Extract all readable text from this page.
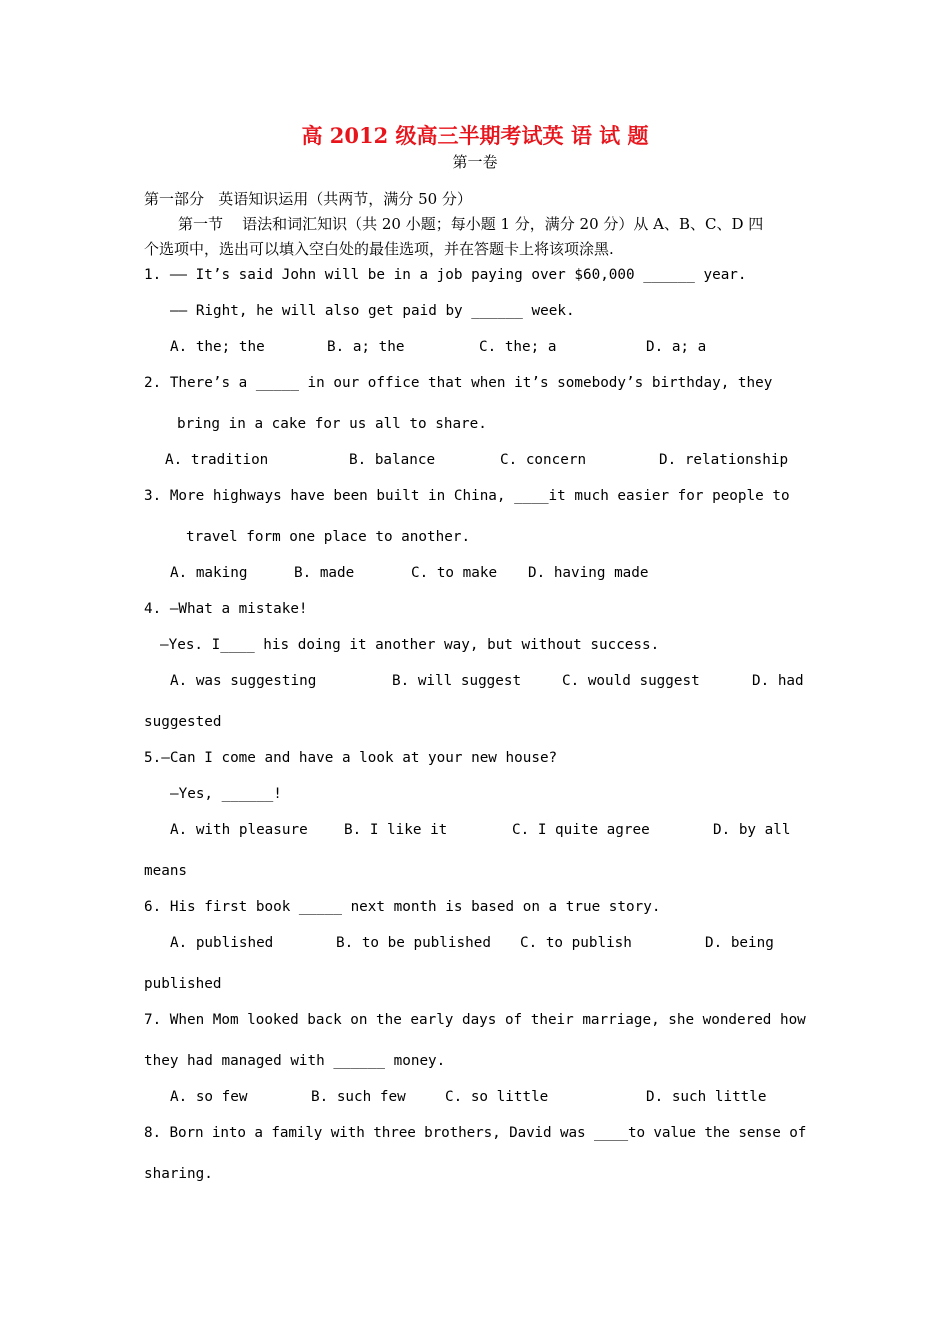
高 2012 级高三半期考试英 语 试 题
第一卷
第一部分   英语知识运用（共两节，满分 50 分）
第一节    语法和词汇知识（共 20 小题；每小题 1 分，满分 20 分）从 A、B、C、D 四
个选项中，选出可以填入空白处的最佳选项，并在答题卡上将该项涂黑.
1. —— It’s said John will be in a job paying over $60,000 ______ year.
—— Right, he will also get paid by ______ week.
A. the; the	B. a; the	C. the; a	D. a; a
2. There’s a _____ in our office that when it’s somebody’s birthday, they
bring in a cake for us all to share.
A. tradition	B. balance	C. concern	D. relationship
3. More highways have been built in China, ____it much easier for people to
travel form one place to another.
A. making	B. made	C. to make D. having made
4. —What a mistake!
—Yes. I____ his doing it another way, but without success.
A. was suggesting	B. will suggest	C. would suggest	D. had
suggested
5.—Can I come and have a look at your new house?
—Yes, ______!
A. with pleasure	B. I like it	C. I quite agree	D. by all
means
6. His first book _____ next month is based on a true story.
A. published	B. to be published C. to publish	D. being
published
7. When Mom looked back on the early days of their marriage, she wondered how
they had managed with ______ money.
A. so few	B. such few	C. so little	D. such little
8. Born into a family with three brothers, David was ____to value the sense of
sharing.
